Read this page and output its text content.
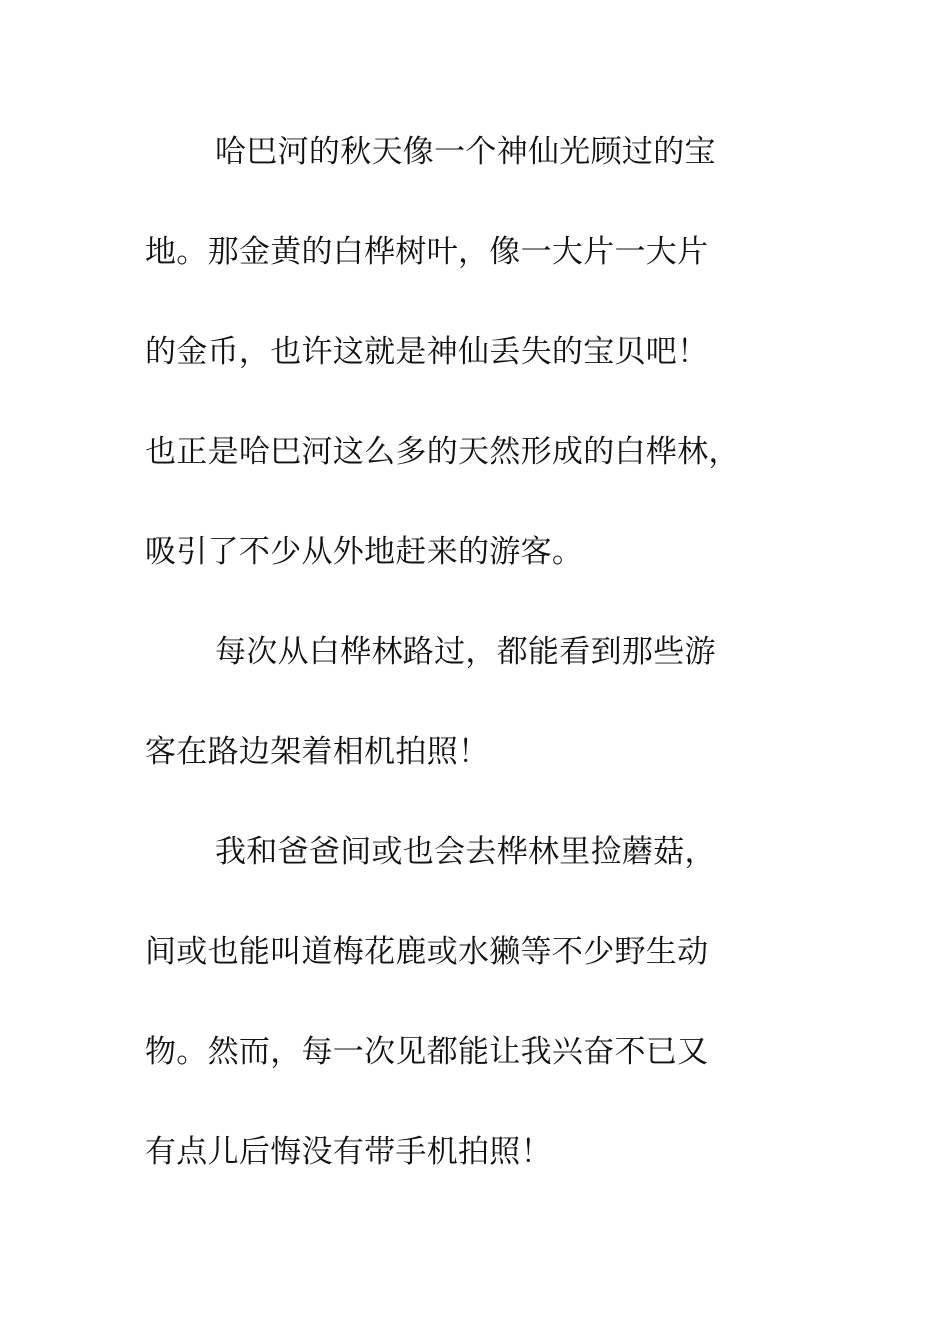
哈巴河的秋天像一个神仙光顾过的宝
地。那金黄的白桦树叶，像一大片一大片
的金币，也许这就是神仙丢失的宝贝吧！
也正是哈巴河这么多的天然形成的白桦林，
吸引了不少从外地赶来的游客。
每次从白桦林路过，都能看到那些游
客在路边架着相机拍照！
我和爸爸间或也会去桦林里捡蘑菇，
间或也能叫道梅花鹿或水獭等不少野生动
物。然而，每一次见都能让我兴奋不已又
有点儿后悔没有带手机拍照！
